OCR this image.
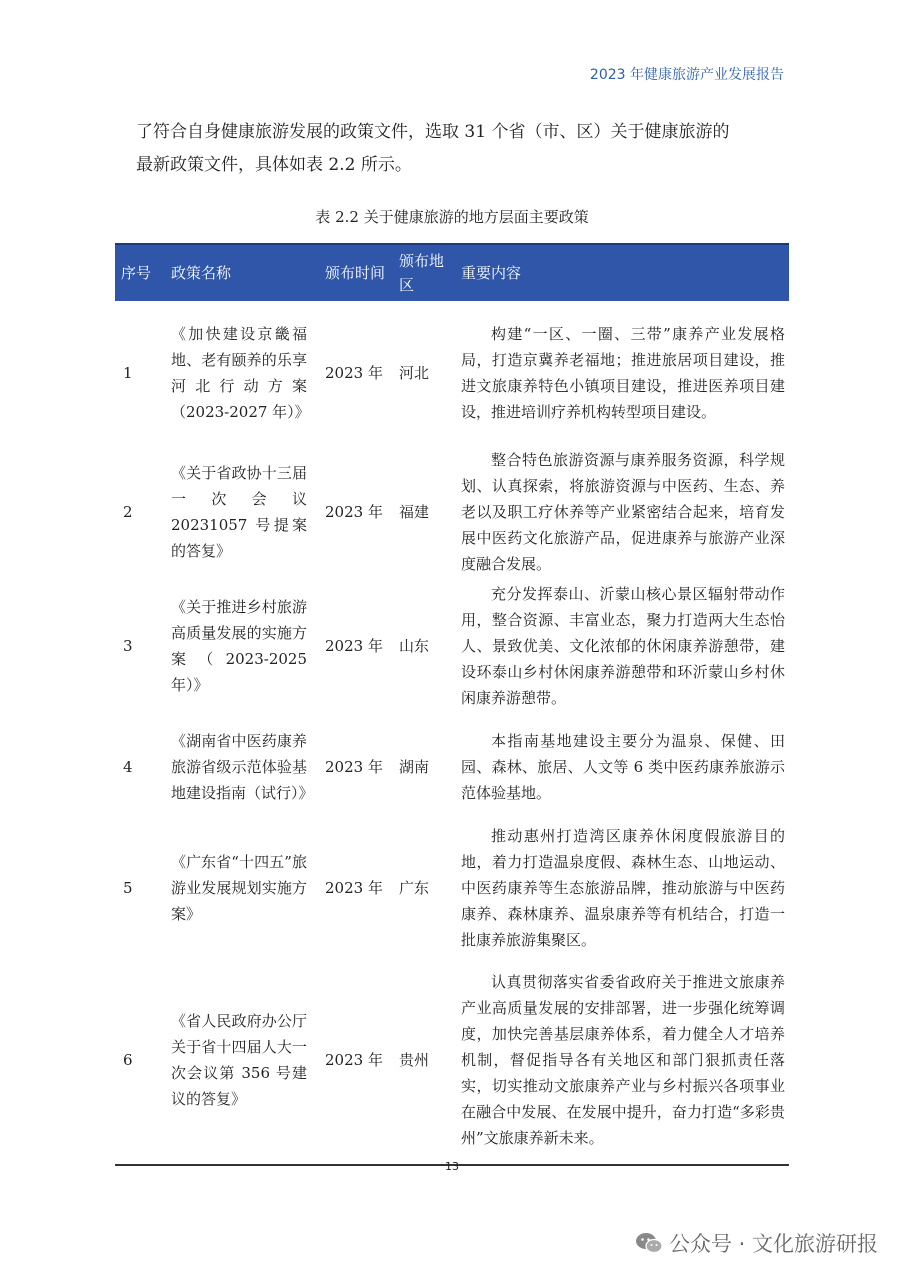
2023 年健康旅游产业发展报告

了符合自身健康旅游发展的政策文件，选取 31 个省（市、区）关于健康旅游的

最新政策文件，具体如表 2.2 所示。

表 2.2 关于健康旅游的地方层面主要政策
序号	政策名称	颁布时间	颁布地区	重要内容
1	《加快建设京畿福地、老有颐养的乐享河北行动方案（2023-2027 年）》	2023 年	河北	构建“一区、一圈、三带”康养产业发展格局，打造京冀养老福地；推进旅居项目建设，推进文旅康养特色小镇项目建设，推进医养项目建设，推进培训疗养机构转型项目建设。
2	《关于省政协十三届一次会议 20231057 号提案的答复》	2023 年	福建	整合特色旅游资源与康养服务资源，科学规划、认真探索，将旅游资源与中医药、生态、养老以及职工疗休养等产业紧密结合起来，培育发展中医药文化旅游产品，促进康养与旅游产业深度融合发展。
3	《关于推进乡村旅游高质量发展的实施方案（2023-2025 年）》	2023 年	山东	充分发挥泰山、沂蒙山核心景区辐射带动作用，整合资源、丰富业态，聚力打造两大生态怡人、景致优美、文化浓郁的休闲康养游憩带，建设环泰山乡村休闲康养游憩带和环沂蒙山乡村休闲康养游憩带。
4	《湖南省中医药康养旅游省级示范体验基地建设指南（试行）》	2023 年	湖南	本指南基地建设主要分为温泉、保健、田园、森林、旅居、人文等 6 类中医药康养旅游示范体验基地。
5	《广东省“十四五”旅游业发展规划实施方案》	2023 年	广东	推动惠州打造湾区康养休闲度假旅游目的地，着力打造温泉度假、森林生态、山地运动、中医药康养等生态旅游品牌，推动旅游与中医药康养、森林康养、温泉康养等有机结合，打造一批康养旅游集聚区。
6	《省人民政府办公厅关于省十四届人大一次会议第 356 号建议的答复》	2023 年	贵州	认真贯彻落实省委省政府关于推进文旅康养产业高质量发展的安排部署，进一步强化统筹调度，加快完善基层康养体系，着力健全人才培养机制，督促指导各有关地区和部门狠抓责任落实，切实推动文旅康养产业与乡村振兴各项事业在融合中发展、在发展中提升，奋力打造“多彩贵州”文旅康养新未来。
13
公众号 · 文化旅游研报
